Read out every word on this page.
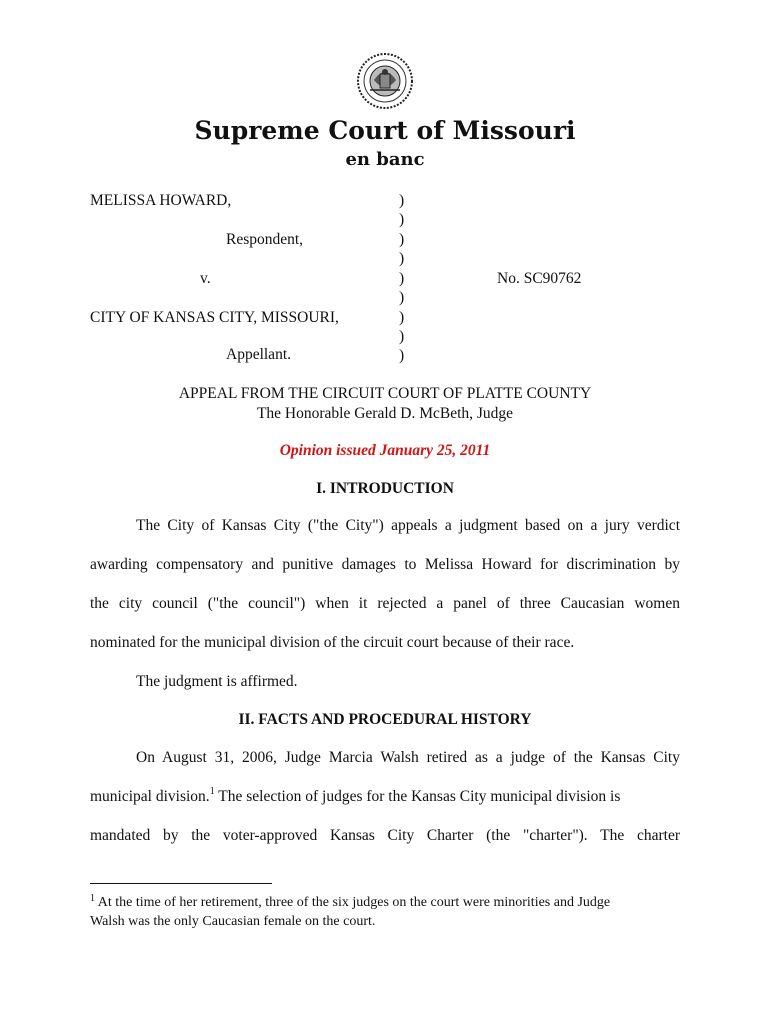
Supreme Court of Missouri
en banc
MELISSA HOWARD,
Respondent,
v.
CITY OF KANSAS CITY, MISSOURI,
Appellant.
No. SC90762
)
)
)
)
)
)
)
)
)
APPEAL FROM THE CIRCUIT COURT OF PLATTE COUNTY
The Honorable Gerald D. McBeth, Judge
Opinion issued January 25, 2011
I. INTRODUCTION
The City of Kansas City ("the City") appeals a judgment based on a jury verdict
awarding compensatory and punitive damages to Melissa Howard for discrimination by
the city council ("the council") when it rejected a panel of three Caucasian women
nominated for the municipal division of the circuit court because of their race.
The judgment is affirmed.
II. FACTS AND PROCEDURAL HISTORY
On August 31, 2006, Judge Marcia Walsh retired as a judge of the Kansas City
municipal division.$^1$ The selection of judges for the Kansas City municipal division is
mandated by the voter-approved Kansas City Charter (the "charter"). The charter
$^1$ At the time of her retirement, three of the six judges on the court were minorities and Judge
Walsh was the only Caucasian female on the court.
